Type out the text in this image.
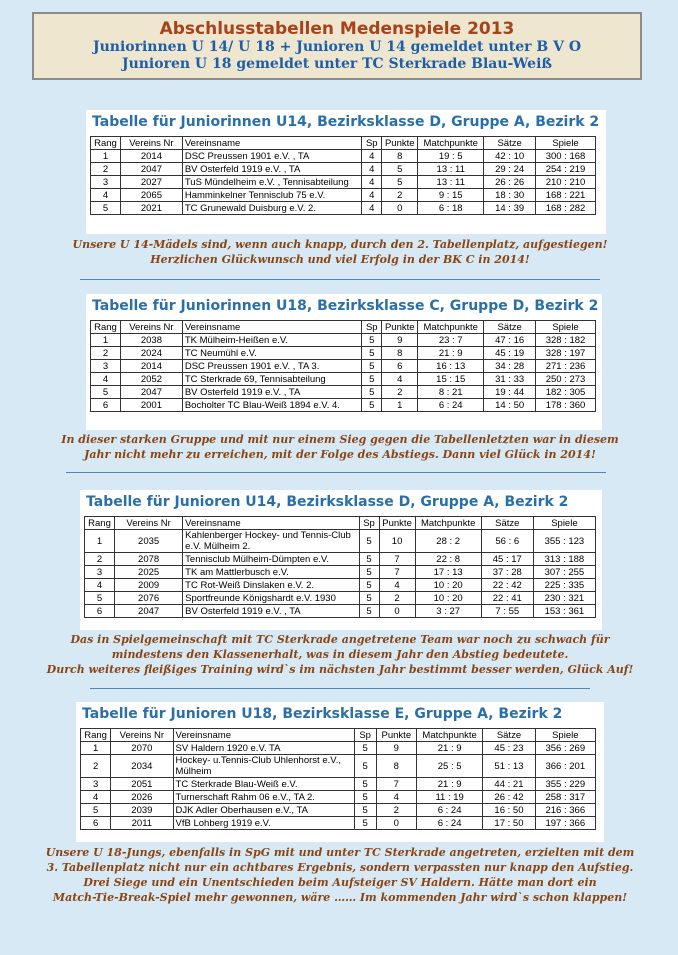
Abschlusstabellen Medenspiele 2013
Juniorinnen U 14/ U 18 + Junioren U 14 gemeldet unter B V O
Junioren U 18 gemeldet unter TC Sterkrade Blau-Weiß
Tabelle für Juniorinnen U14, Bezirksklasse D, Gruppe A, Bezirk 2
Rang	Vereins Nr	Vereinsname	Sp	Punkte	Matchpunkte	Sätze	Spiele
1	2014	DSC Preussen 1901 e.V. , TA	4	8	19 : 5	42 : 10	300 : 168
2	2047	BV Osterfeld 1919 e.V. , TA	4	5	13 : 11	29 : 24	254 : 219
3	2027	TuS Mündelheim e.V. , Tennisabteilung	4	5	13 : 11	26 : 26	210 : 210
4	2065	Hamminkelner Tennisclub 75 e.V.	4	2	9 : 15	18 : 30	168 : 221
5	2021	TC Grunewald Duisburg e.V. 2.	4	0	6 : 18	14 : 39	168 : 282
Unsere U 14-Mädels sind, wenn auch knapp, durch den 2. Tabellenplatz, aufgestiegen!
Herzlichen Glückwunsch und viel Erfolg in der BK C in 2014!
Tabelle für Juniorinnen U18, Bezirksklasse C, Gruppe D, Bezirk 2
Rang	Vereins Nr	Vereinsname	Sp	Punkte	Matchpunkte	Sätze	Spiele
1	2038	TK Mülheim-Heißen e.V.	5	9	23 : 7	47 : 16	328 : 182
2	2024	TC Neumühl e.V.	5	8	21 : 9	45 : 19	328 : 197
3	2014	DSC Preussen 1901 e.V. , TA 3.	5	6	16 : 13	34 : 28	271 : 236
4	2052	TC Sterkrade 69, Tennisabteilung	5	4	15 : 15	31 : 33	250 : 273
5	2047	BV Osterfeld 1919 e.V. , TA	5	2	8 : 21	19 : 44	182 : 305
6	2001	Bocholter TC Blau-Weiß 1894 e.V. 4.	5	1	6 : 24	14 : 50	178 : 360
In dieser starken Gruppe und mit nur einem Sieg gegen die Tabellenletzten war in diesem
Jahr nicht mehr zu erreichen, mit der Folge des Abstiegs. Dann viel Glück in 2014!
Tabelle für Junioren U14, Bezirksklasse D, Gruppe A, Bezirk 2
Rang	Vereins Nr	Vereinsname	Sp	Punkte	Matchpunkte	Sätze	Spiele
1	2035	Kahlenberger Hockey- und Tennis-Club e.V. Mülheim 2.	5	10	28 : 2	56 : 6	355 : 123
2	2078	Tennisclub Mülheim-Dümpten e.V.	5	7	22 : 8	45 : 17	313 : 188
3	2025	TK am Mattlerbusch e.V.	5	7	17 : 13	37 : 28	307 : 255
4	2009	TC Rot-Weiß Dinslaken e.V. 2.	5	4	10 : 20	22 : 42	225 : 335
5	2076	Sportfreunde Königshardt e.V. 1930	5	2	10 : 20	22 : 41	230 : 321
6	2047	BV Osterfeld 1919 e.V. , TA	5	0	3 : 27	7 : 55	153 : 361
Das in Spielgemeinschaft mit TC Sterkrade angetretene Team war noch zu schwach für
mindestens den Klassenerhalt, was in diesem Jahr den Abstieg bedeutete.
Durch weiteres fleißiges Training wird`s im nächsten Jahr bestimmt besser werden, Glück Auf!
Tabelle für Junioren U18, Bezirksklasse E, Gruppe A, Bezirk 2
Rang	Vereins Nr	Vereinsname	Sp	Punkte	Matchpunkte	Sätze	Spiele
1	2070	SV Haldern 1920 e.V. TA	5	9	21 : 9	45 : 23	356 : 269
2	2034	Hockey- u.Tennis-Club Uhlenhorst e.V., Mülheim	5	8	25 : 5	51 : 13	366 : 201
3	2051	TC Sterkrade Blau-Weiß e.V.	5	7	21 : 9	44 : 21	355 : 229
4	2026	Turnerschaft Rahm 06 e.V., TA 2.	5	4	11 : 19	26 : 42	258 : 317
5	2039	DJK Adler Oberhausen e.V., TA	5	2	6 : 24	16 : 50	216 : 366
6	2011	VfB Lohberg 1919 e.V.	5	0	6 : 24	17 : 50	197 : 366
Unsere U 18-Jungs, ebenfalls in SpG mit und unter TC Sterkrade angetreten, erzielten mit dem
3. Tabellenplatz nicht nur ein achtbares Ergebnis, sondern verpassten nur knapp den Aufstieg.
Drei Siege und ein Unentschieden beim Aufsteiger SV Haldern. Hätte man dort ein
Match-Tie-Break-Spiel mehr gewonnen, wäre …… Im kommenden Jahr wird`s schon klappen!
